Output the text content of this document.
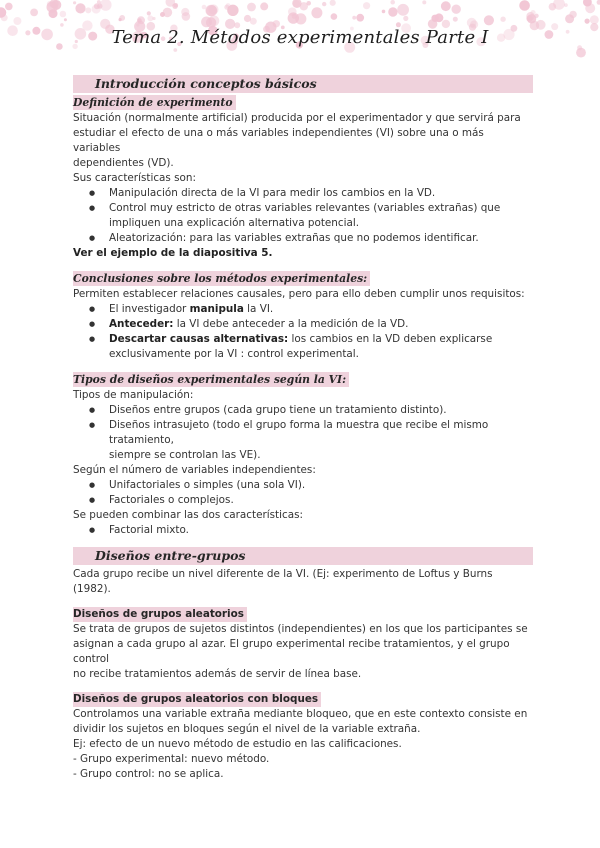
Tema 2. Métodos experimentales Parte I
Introducción conceptos básicos
Definición de experimento

Situación (normalmente artificial) producida por el experimentador y que servirá para

estudiar el efecto de una o más variables independientes (VI) sobre una o más variables

dependientes (VD).

Sus características son:

● Manipulación directa de la VI para medir los cambios en la VD.
● Control muy estricto de otras variables relevantes (variables extrañas) que
impliquen una explicación alternativa potencial.
● Aleatorización: para las variables extrañas que no podemos identificar.

Ver el ejemplo de la diapositiva 5.

Conclusiones sobre los métodos experimentales:

Permiten establecer relaciones causales, pero para ello deben cumplir unos requisitos:

● El investigador manipula la VI.
● Anteceder: la VI debe anteceder a la medición de la VD.
● Descartar causas alternativas: los cambios en la VD deben explicarse
exclusivamente por la VI : control experimental.
Tipos de diseños experimentales según la VI:

Tipos de manipulación:

● Diseños entre grupos (cada grupo tiene un tratamiento distinto).
● Diseños intrasujeto (todo el grupo forma la muestra que recibe el mismo tratamiento,
siempre se controlan las VE).

Según el número de variables independientes:

● Unifactoriales o simples (una sola VI).
● Factoriales o complejos.

Se pueden combinar las dos características:

● Factorial mixto.
Diseños entre-grupos

Cada grupo recibe un nivel diferente de la VI. (Ej: experimento de Loftus y Burns (1982).

Diseños de grupos aleatorios

Se trata de grupos de sujetos distintos (independientes) en los que los participantes se

asignan a cada grupo al azar. El grupo experimental recibe tratamientos, y el grupo control

no recibe tratamientos además de servir de línea base.

Diseños de grupos aleatorios con bloques

Controlamos una variable extraña mediante bloqueo, que en este contexto consiste en

dividir los sujetos en bloques según el nivel de la variable extraña.

Ej: efecto de un nuevo método de estudio en las calificaciones.

- Grupo experimental: nuevo método.

- Grupo control: no se aplica.
